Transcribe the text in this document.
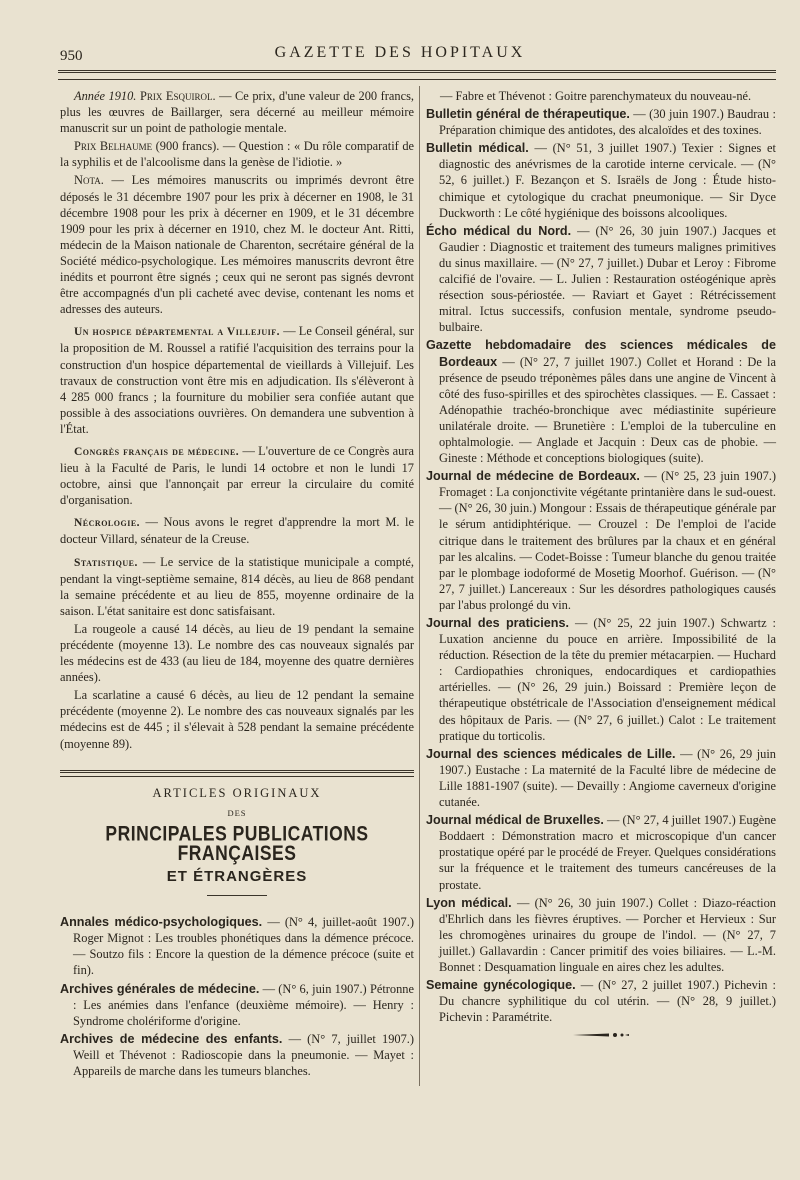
950	GAZETTE DES HOPITAUX

Année 1910. Prix Esquirol. — Ce prix, d'une valeur de 200 francs, plus les œuvres de Baillarger, sera décerné au meilleur mémoire manuscrit sur un point de pathologie mentale.

Prix Belhaume (900 francs). — Question : « Du rôle comparatif de la syphilis et de l'alcoolisme dans la genèse de l'idiotie. »

Nota. — Les mémoires manuscrits ou imprimés devront être déposés le 31 décembre 1907 pour les prix à décerner en 1908, le 31 décembre 1908 pour les prix à décerner en 1909, et le 31 décembre 1909 pour les prix à décerner en 1910, chez M. le docteur Ant. Ritti, médecin de la Maison nationale de Charenton, secrétaire général de la Société médico-psychologique. Les mémoires manuscrits devront être inédits et pourront être signés ; ceux qui ne seront pas signés devront être accompagnés d'un pli cacheté avec devise, contenant les noms et adresses des auteurs.

Un hospice départemental a Villejuif. — Le Conseil général, sur la proposition de M. Roussel a ratifié l'acquisition des terrains pour la construction d'un hospice départemental de vieillards à Villejuif. Les travaux de construction vont être mis en adjudication. Ils s'élèveront à 4 285 000 francs ; la fourniture du mobilier sera confiée autant que possible à des associations ouvrières. On demandera une subvention à l'État.

Congrès français de médecine. — L'ouverture de ce Congrès aura lieu à la Faculté de Paris, le lundi 14 octobre et non le lundi 17 octobre, ainsi que l'annonçait par erreur la circulaire du comité d'organisation.

Nécrologie. — Nous avons le regret d'apprendre la mort M. le docteur Villard, sénateur de la Creuse.

Statistique. — Le service de la statistique municipale a compté, pendant la vingt-septième semaine, 814 décès, au lieu de 868 pendant la semaine précédente et au lieu de 855, moyenne ordinaire de la saison. L'état sanitaire est donc satisfaisant.

La rougeole a causé 14 décès, au lieu de 19 pendant la semaine précédente (moyenne 13). Le nombre des cas nouveaux signalés par les médecins est de 433 (au lieu de 184, moyenne des quatre dernières années).

La scarlatine a causé 6 décès, au lieu de 12 pendant la semaine précédente (moyenne 2). Le nombre des cas nouveaux signalés par les médecins est de 445 ; il s'élevait à 528 pendant la semaine précédente (moyenne 89).

ARTICLES ORIGINAUX
DES
PRINCIPALES PUBLICATIONS FRANÇAISES
ET ÉTRANGÈRES

Annales médico-psychologiques. — (N° 4, juillet-août 1907.) Roger Mignot : Les troubles phonétiques dans la démence précoce. — Soutzo fils : Encore la question de la démence précoce (suite et fin).

Archives générales de médecine. — (N° 6, juin 1907.) Pétronne : Les anémies dans l'enfance (deuxième mémoire). — Henry : Syndrome cholériforme d'origine.

Archives de médecine des enfants. — (N° 7, juillet 1907.) Weill et Thévenot : Radioscopie dans la pneumonie. — Mayet : Appareils de marche dans les tumeurs blanches.

— Fabre et Thévenot : Goitre parenchymateux du nouveau-né.

Bulletin général de thérapeutique. — (30 juin 1907.) Baudrau : Préparation chimique des antidotes, des alcaloïdes et des toxines.

Bulletin médical. — (N° 51, 3 juillet 1907.) Texier : Signes et diagnostic des anévrismes de la carotide interne cervicale. — (N° 52, 6 juillet.) F. Bezançon et S. Israëls de Jong : Étude histo-chimique et cytologique du crachat pneumonique. — Sir Dyce Duckworth : Le côté hygiénique des boissons alcooliques.

Écho médical du Nord. — (N° 26, 30 juin 1907.) Jacques et Gaudier : Diagnostic et traitement des tumeurs malignes primitives du sinus maxillaire. — (N° 27, 7 juillet.) Dubar et Leroy : Fibrome calcifié de l'ovaire. — L. Julien : Restauration ostéogénique après résection sous-périostée. — Raviart et Gayet : Rétrécissement mitral. Ictus successifs, confusion mentale, syndrome pseudo-bulbaire.

Gazette hebdomadaire des sciences médicales de Bordeaux — (N° 27, 7 juillet 1907.) Collet et Horand : De la présence de pseudo tréponèmes pâles dans une angine de Vincent à côté des fuso-spirilles et des spirochètes classiques. — E. Cassaet : Adénopathie trachéo-bronchique avec médiastinite supérieure unilatérale droite. — Brunetière : L'emploi de la tuberculine en ophtalmologie. — Anglade et Jacquin : Deux cas de phobie. — Gineste : Méthode et conceptions biologiques (suite).

Journal de médecine de Bordeaux. — (N° 25, 23 juin 1907.) Fromaget : La conjonctivite végétante printanière dans le sud-ouest. — (N° 26, 30 juin.) Mongour : Essais de thérapeutique générale par le sérum antidiphtérique. — Crouzel : De l'emploi de l'acide citrique dans le traitement des brûlures par la chaux et en général par les alcalins. — Codet-Boisse : Tumeur blanche du genou traitée par le plombage iodoformé de Mosetig Moorhof. Guérison. — (N° 27, 7 juillet.) Lancereaux : Sur les désordres pathologiques causés par l'abus prolongé du vin.

Journal des praticiens. — (N° 25, 22 juin 1907.) Schwartz : Luxation ancienne du pouce en arrière. Impossibilité de la réduction. Résection de la tête du premier métacarpien. — Huchard : Cardiopathies chroniques, endocardiques et cardiopathies artérielles. — (N° 26, 29 juin.) Boissard : Première leçon de thérapeutique obstétricale de l'Association d'enseignement médical des hôpitaux de Paris. — (N° 27, 6 juillet.) Calot : Le traitement pratique du torticolis.

Journal des sciences médicales de Lille. — (N° 26, 29 juin 1907.) Eustache : La maternité de la Faculté libre de médecine de Lille 1881-1907 (suite). — Devailly : Angiome caverneux d'origine cutanée.

Journal médical de Bruxelles. — (N° 27, 4 juillet 1907.) Eugène Boddaert : Démonstration macro et microscopique d'un cancer prostatique opéré par le procédé de Freyer. Quelques considérations sur la fréquence et le traitement des tumeurs cancéreuses de la prostate.

Lyon médical. — (N° 26, 30 juin 1907.) Collet : Diazo-réaction d'Ehrlich dans les fièvres éruptives. — Porcher et Hervieux : Sur les chromogènes urinaires du groupe de l'indol. — (N° 27, 7 juillet.) Gallavardin : Cancer primitif des voies biliaires. — L.-M. Bonnet : Desquamation linguale en aires chez les adultes.

Semaine gynécologique. — (N° 27, 2 juillet 1907.) Pichevin : Du chancre syphilitique du col utérin. — (N° 28, 9 juillet.) Pichevin : Paramétrite.
